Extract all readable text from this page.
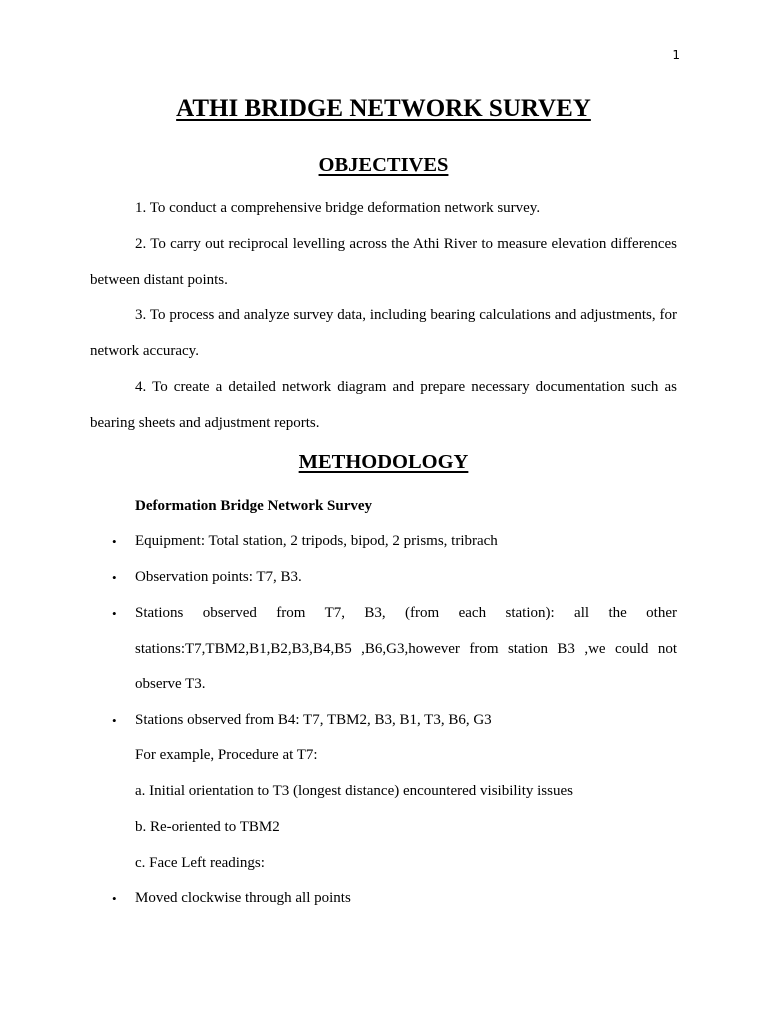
1
ATHI BRIDGE NETWORK SURVEY
OBJECTIVES

1. To conduct a comprehensive bridge deformation network survey.

2. To carry out reciprocal levelling across the Athi River to measure elevation differences between distant points.

3. To process and analyze survey data, including bearing calculations and adjustments, for network accuracy.

4. To create a detailed network diagram and prepare necessary documentation such as bearing sheets and adjustment reports.

METHODOLOGY

Deformation Bridge Network Survey

• Equipment: Total station, 2 tripods, bipod, 2 prisms, tribrach
• Observation points: T7, B3.
• Stations observed from T7, B3, (from each station): all the other stations:T7,TBM2,B1,B2,B3,B4,B5 ,B6,G3,however from station B3 ,we could not observe T3.
• Stations observed from B4: T7, TBM2, B3, B1, T3, B6, G3
• Moved clockwise through all points

For example, Procedure at T7:

a. Initial orientation to T3 (longest distance) encountered visibility issues

b. Re-oriented to TBM2

c. Face Left readings:
